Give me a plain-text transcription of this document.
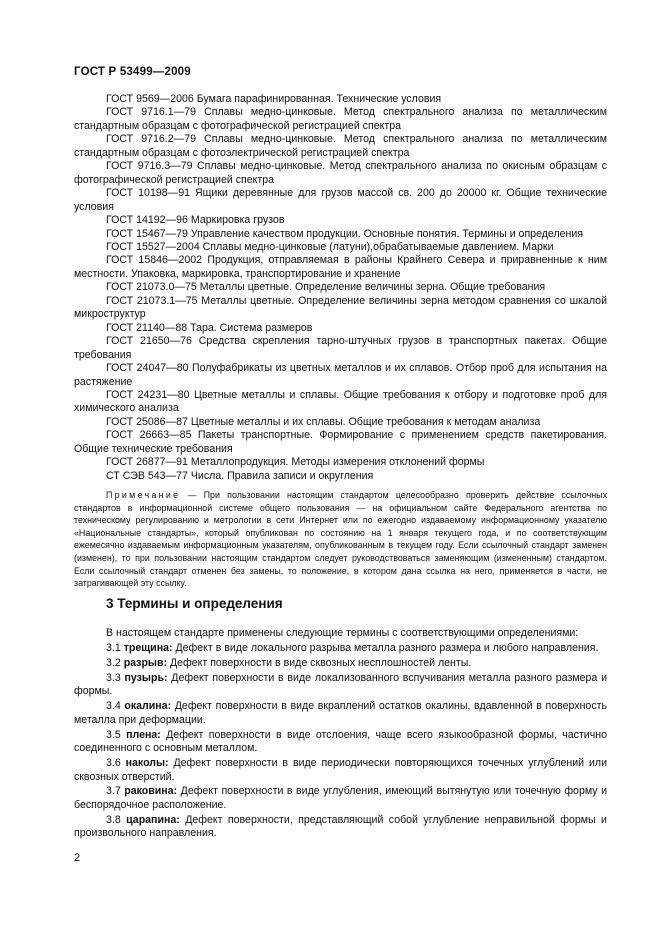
ГОСТ Р 53499—2009

ГОСТ 9569—2006 Бумага парафинированная. Технические условия

ГОСТ 9716.1—79 Сплавы медно-цинковые. Метод спектрального анализа по металлическим стандартным образцам с фотографической регистрацией спектра

ГОСТ 9716.2—79 Сплавы медно-цинковые. Метод спектрального анализа по металлическим стандартным образцам с фотоэлектрической регистрацией спектра

ГОСТ 9716.3—79 Сплавы медно-цинковые. Метод спектрального анализа по окисным образцам с фотографической регистрацией спектра

ГОСТ 10198—91 Ящики деревянные для грузов массой св. 200 до 20000 кг. Общие технические условия

ГОСТ 14192—96 Маркировка грузов

ГОСТ 15467—79 Управление качеством продукции. Основные понятия. Термины и определения

ГОСТ 15527—2004 Сплавы медно-цинковые (латуни),обрабатываемые давлением. Марки

ГОСТ 15846—2002 Продукция, отправляемая в районы Крайнего Севера и приравненные к ним местности. Упаковка, маркировка, транспортирование и хранение

ГОСТ 21073.0—75 Металлы цветные. Определение величины зерна. Общие требования

ГОСТ 21073.1—75 Металлы цветные. Определение величины зерна методом сравнения со шкалой микроструктур

ГОСТ 21140—88 Тара. Система размеров

ГОСТ 21650—76 Средства скрепления тарно-штучных грузов в транспортных пакетах. Общие требования

ГОСТ 24047—80 Полуфабрикаты из цветных металлов и их сплавов. Отбор проб для испытания на растяжение

ГОСТ 24231—80 Цветные металлы и сплавы. Общие требования к отбору и подготовке проб для химического анализа

ГОСТ 25086—87 Цветные металлы и их сплавы. Общие требования к методам анализа

ГОСТ 26663—85 Пакеты транспортные. Формирование с применением средств пакетирования. Общие технические требования

ГОСТ 26877—91 Металлопродукция. Методы измерения отклонений формы

СТ СЭВ 543—77 Числа. Правила записи и округления

Примечание — При пользовании настоящим стандартом целесообразно проверить действие ссылочных стандартов в информационной системе общего пользования — на официальном сайте Федерального агентства по техническому регулированию и метрологии в сети Интернет или по ежегодно издаваемому информационному указателю «Национальные стандарты», который опубликован по состоянию на 1 января текущего года, и по соответствующим ежемесячно издаваемым информационным указателям, опубликованным в текущем году. Если ссылочный стандарт заменен (изменен), то при пользовании настоящим стандартом следует руководствоваться заменяющим (измененным) стандартом. Если ссылочный стандарт отменен без замены, то положение, в котором дана ссылка на него, применяется в части, не затрагивающей эту ссылку.
3 Термины и определения

В настоящем стандарте применены следующие термины с соответствующими определениями:

3.1 трещина: Дефект в виде локального разрыва металла разного размера и любого направления.

3.2 разрыв: Дефект поверхности в виде сквозных несплошностей ленты.

3.3 пузырь: Дефект поверхности в виде локализованного вспучивания металла разного размера и формы.

3.4 окалина: Дефект поверхности в виде вкраплений остатков окалины, вдавленной в поверхность металла при деформации.

3.5 плена: Дефект поверхности в виде отслоения, чаще всего языкообразной формы, частично соединенного с основным металлом.

3.6 наколы: Дефект поверхности в виде периодически повторяющихся точечных углублений или сквозных отверстий.

3.7 раковина: Дефект поверхности в виде углубления, имеющий вытянутую или точечную форму и беспорядочное расположение.

3.8 царапина: Дефект поверхности, представляющий собой углубление неправильной формы и произвольного направления.

2
